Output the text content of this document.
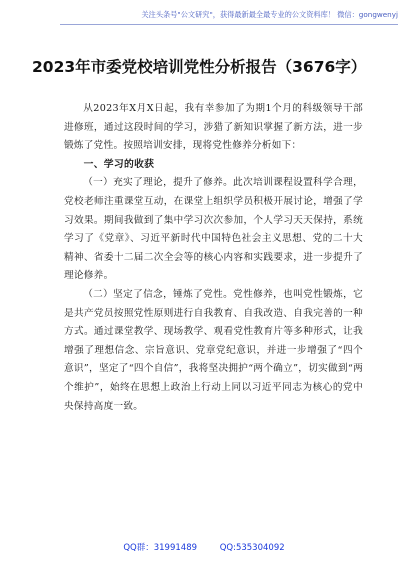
关注头条号"公文研究"，获得最新最全最专业的公文资料库！ 微信：gongwenyj
2023年市委党校培训党性分析报告（3676字）

从2023年X月X日起，我有幸参加了为期1个月的科级领导干部进修班，通过这段时间的学习，涉猎了新知识掌握了新方法，进一步锻炼了党性。按照培训安排，现将党性修养分析如下：

一、学习的收获

（一）充实了理论，提升了修养。此次培训课程设置科学合理，党校老师注重课堂互动，在课堂上组织学员积极开展讨论，增强了学习效果。期间我做到了集中学习次次参加，个人学习天天保持，系统学习了《党章》、习近平新时代中国特色社会主义思想、党的二十大精神、省委十二届二次全会等的核心内容和实践要求，进一步提升了理论修养。

（二）坚定了信念，锤炼了党性。党性修养，也叫党性锻炼，它是共产党员按照党性原则进行自我教育、自我改造、自我完善的一种方式。通过课堂教学、现场教学、观看党性教育片等多种形式，让我增强了理想信念、宗旨意识、党章党纪意识，并进一步增强了“四个意识”，坚定了“四个自信”，我将坚决拥护“两个确立”，切实做到“两个维护”，始终在思想上政治上行动上同以习近平同志为核心的党中央保持高度一致。

QQ群：31991489	QQ:535304092
